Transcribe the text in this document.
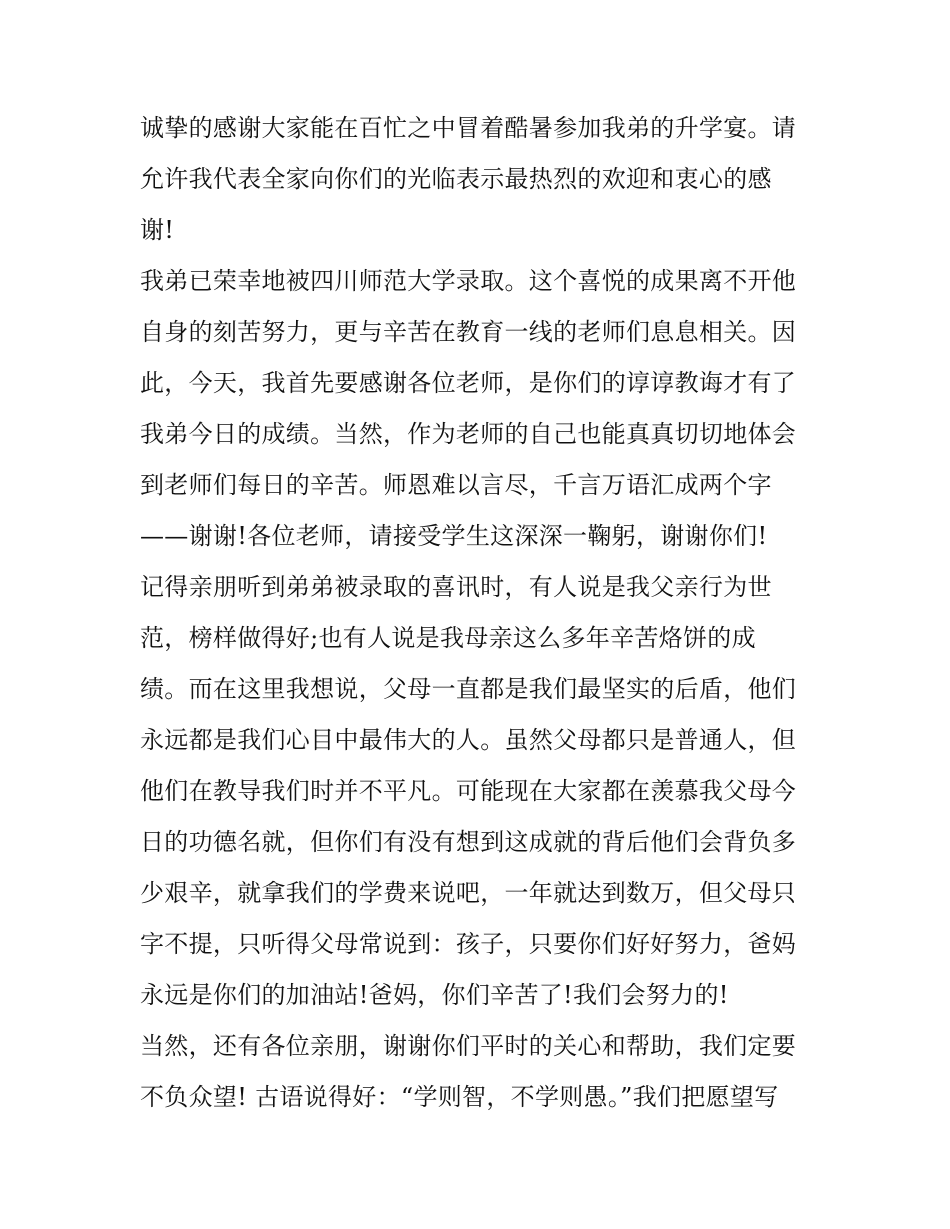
诚挚的感谢大家能在百忙之中冒着酷暑参加我弟的升学宴。请
允许我代表全家向你们的光临表示最热烈的欢迎和衷心的感
谢!
我弟已荣幸地被四川师范大学录取。这个喜悦的成果离不开他
自身的刻苦努力，更与辛苦在教育一线的老师们息息相关。因
此，今天，我首先要感谢各位老师，是你们的谆谆教诲才有了
我弟今日的成绩。当然，作为老师的自己也能真真切切地体会
到老师们每日的辛苦。师恩难以言尽，千言万语汇成两个字
——谢谢!各位老师，请接受学生这深深一鞠躬，谢谢你们!
记得亲朋听到弟弟被录取的喜讯时，有人说是我父亲行为世
范，榜样做得好;也有人说是我母亲这么多年辛苦烙饼的成
绩。而在这里我想说，父母一直都是我们最坚实的后盾，他们
永远都是我们心目中最伟大的人。虽然父母都只是普通人，但
他们在教导我们时并不平凡。可能现在大家都在羡慕我父母今
日的功德名就，但你们有没有想到这成就的背后他们会背负多
少艰辛，就拿我们的学费来说吧，一年就达到数万，但父母只
字不提，只听得父母常说到：孩子，只要你们好好努力，爸妈
永远是你们的加油站!爸妈，你们辛苦了!我们会努力的!
当然，还有各位亲朋，谢谢你们平时的关心和帮助，我们定要
不负众望! 古语说得好：“学则智，不学则愚。”我们把愿望写
